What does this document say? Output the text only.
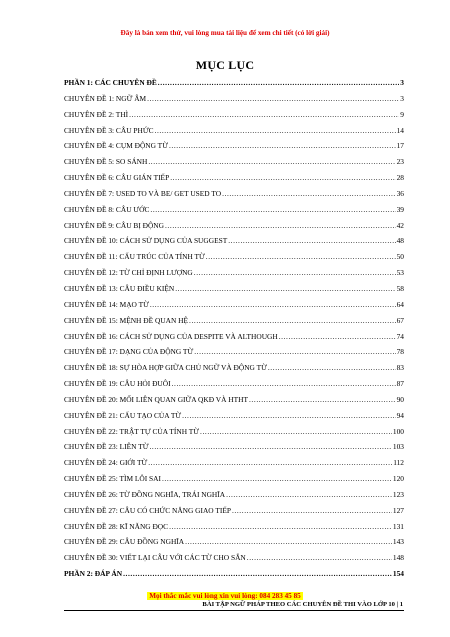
Đây là bản xem thử, vui lòng mua tài liệu để xem chi tiết (có lời giải)
MỤC LỤC
PHẦN 1: CÁC CHUYÊN ĐỀ .....	3
CHUYÊN ĐỀ 1: NGỮ ÂM .....	3
CHUYÊN ĐỀ 2: THÌ .....	9
CHUYÊN ĐỀ 3: CÂU PHỨC .....	14
CHUYÊN ĐỀ 4: CỤM ĐỘNG TỪ .....	17
CHUYÊN ĐỀ 5: SO SÁNH .....	23
CHUYÊN ĐỀ 6: CÂU GIÁN TIẾP .....	28
CHUYÊN ĐỀ 7: USED TO VÀ BE/ GET USED TO .....	36
CHUYÊN ĐỀ 8: CÂU ƯỚC .....	39
CHUYÊN ĐỀ 9: CÂU BỊ ĐỘNG .....	42
CHUYÊN ĐỀ 10: CÁCH SỬ DỤNG CỦA SUGGEST .....	48
CHUYÊN ĐỀ 11: CẤU TRÚC CỦA TÍNH TỪ .....	50
CHUYÊN ĐỀ 12: TỪ CHỈ ĐỊNH LƯỢNG .....	53
CHUYÊN ĐỀ 13: CÂU ĐIỀU KIỆN .....	58
CHUYÊN ĐỀ 14: MẠO TỪ .....	64
CHUYÊN ĐỀ 15: MỆNH ĐỀ QUAN HỆ .....	67
CHUYÊN ĐỀ 16: CÁCH SỬ DỤNG CỦA DESPITE VÀ ALTHOUGH .....	74
CHUYÊN ĐỀ 17: DẠNG CỦA ĐỘNG TỪ .....	78
CHUYÊN ĐỀ 18: SỰ HÒA HỢP GIỮA CHỦ NGỮ VÀ ĐỘNG TỪ .....	83
CHUYÊN ĐỀ 19: CÂU HỎI ĐUÔI .....	87
CHUYÊN ĐỀ 20: MỐI LIÊN QUAN GIỮA QKĐ VÀ HTHT .....	90
CHUYÊN ĐỀ 21: CẤU TẠO CỦA TỪ .....	94
CHUYÊN ĐỀ 22: TRẬT TỰ CỦA TÍNH TỪ .....	100
CHUYÊN ĐỀ 23: LIÊN TỪ .....	103
CHUYÊN ĐỀ 24: GIỚI TỪ .....	112
CHUYÊN ĐỀ 25: TÌM LỖI SAI .....	120
CHUYÊN ĐỀ 26: TỪ ĐỒNG NGHĨA, TRÁI NGHĨA .....	123
CHUYÊN ĐỀ 27: CÂU CÓ CHỨC NĂNG GIAO TIẾP .....	127
CHUYÊN ĐỀ 28: KĨ NĂNG ĐỌC .....	131
CHUYÊN ĐỀ 29: CÂU ĐỒNG NGHĨA .....	143
CHUYÊN ĐỀ 30: VIẾT LẠI CÂU VỚI CÁC TỪ CHO SẴN .....	148
PHẦN 2: ĐÁP ÁN .....	154
Mọi thắc mắc vui lòng xin vui lòng: 084 283 45 85
BÀI TẬP NGỮ PHÁP THEO CÁC CHUYÊN ĐỀ THI VÀO LỚP 10 | 1
